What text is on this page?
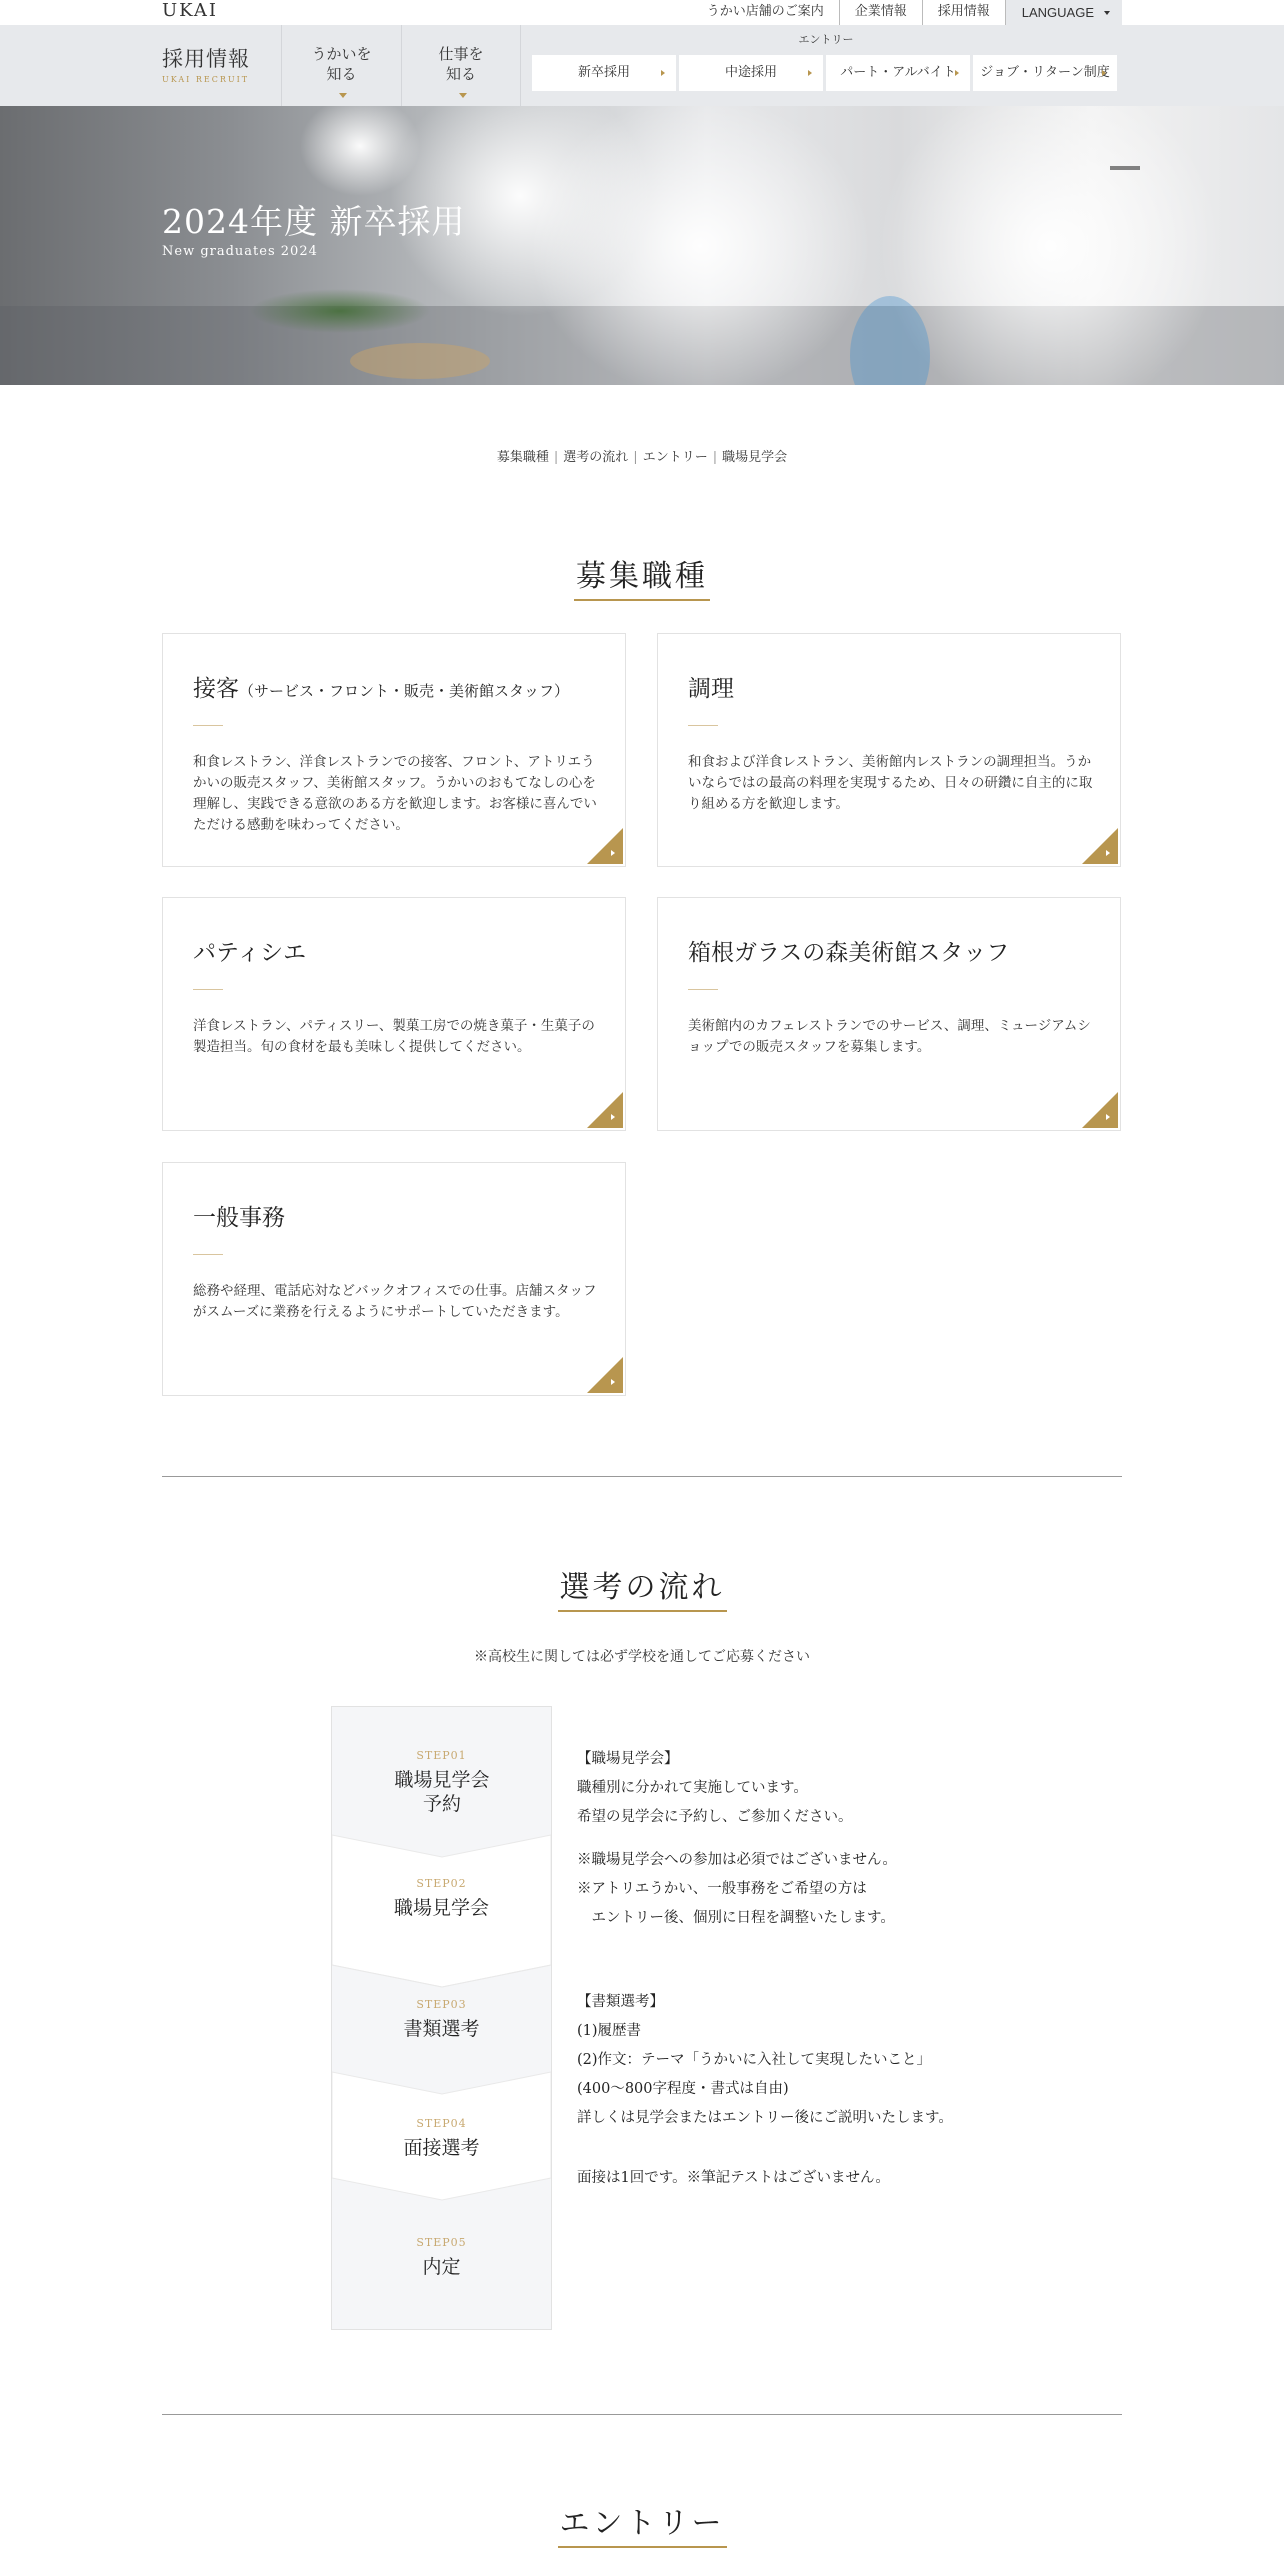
UKAI	うかい店舗のご案内	企業情報	採用情報	LANGUAGE
採用情報
UKAI RECRUIT
うかいを
知る
仕事を
知る
エントリー
新卒採用	中途採用	パート・アルバイト	ジョブ・リターン制度
2024年度 新卒採用
New graduates 2024
募集職種 | 選考の流れ | エントリー | 職場見学会
募集職種
接客（サービス・フロント・販売・美術館スタッフ）
和食レストラン、洋食レストランでの接客、フロント、アトリエうかいの販売スタッフ、美術館スタッフ。うかいのおもてなしの心を理解し、実践できる意欲のある方を歓迎します。お客様に喜んでいただける感動を味わってください。
調理
和食および洋食レストラン、美術館内レストランの調理担当。うかいならではの最高の料理を実現するため、日々の研鑽に自主的に取り組める方を歓迎します。
パティシエ
洋食レストラン、パティスリー、製菓工房での焼き菓子・生菓子の製造担当。旬の食材を最も美味しく提供してください。
箱根ガラスの森美術館スタッフ
美術館内のカフェレストランでのサービス、調理、ミュージアムショップでの販売スタッフを募集します。
一般事務
総務や経理、電話応対などバックオフィスでの仕事。店舗スタッフがスムーズに業務を行えるようにサポートしていただきます。
選考の流れ
※高校生に関しては必ず学校を通してご応募ください
STEP01
職場見学会予約
STEP02
職場見学会
STEP03
書類選考
STEP04
面接選考
STEP05
内定
【職場見学会】
職種別に分かれて実施しています。
希望の見学会に予約し、ご参加ください。
※職場見学会への参加は必須ではございません。
※アトリエうかい、一般事務をご希望の方は
　エントリー後、個別に日程を調整いたします。
【書類選考】
(1)履歴書
(2)作文：テーマ「うかいに入社して実現したいこと」
(400〜800字程度・書式は自由)
詳しくは見学会またはエントリー後にご説明いたします。
面接は1回です。※筆記テストはございません。
エントリー
